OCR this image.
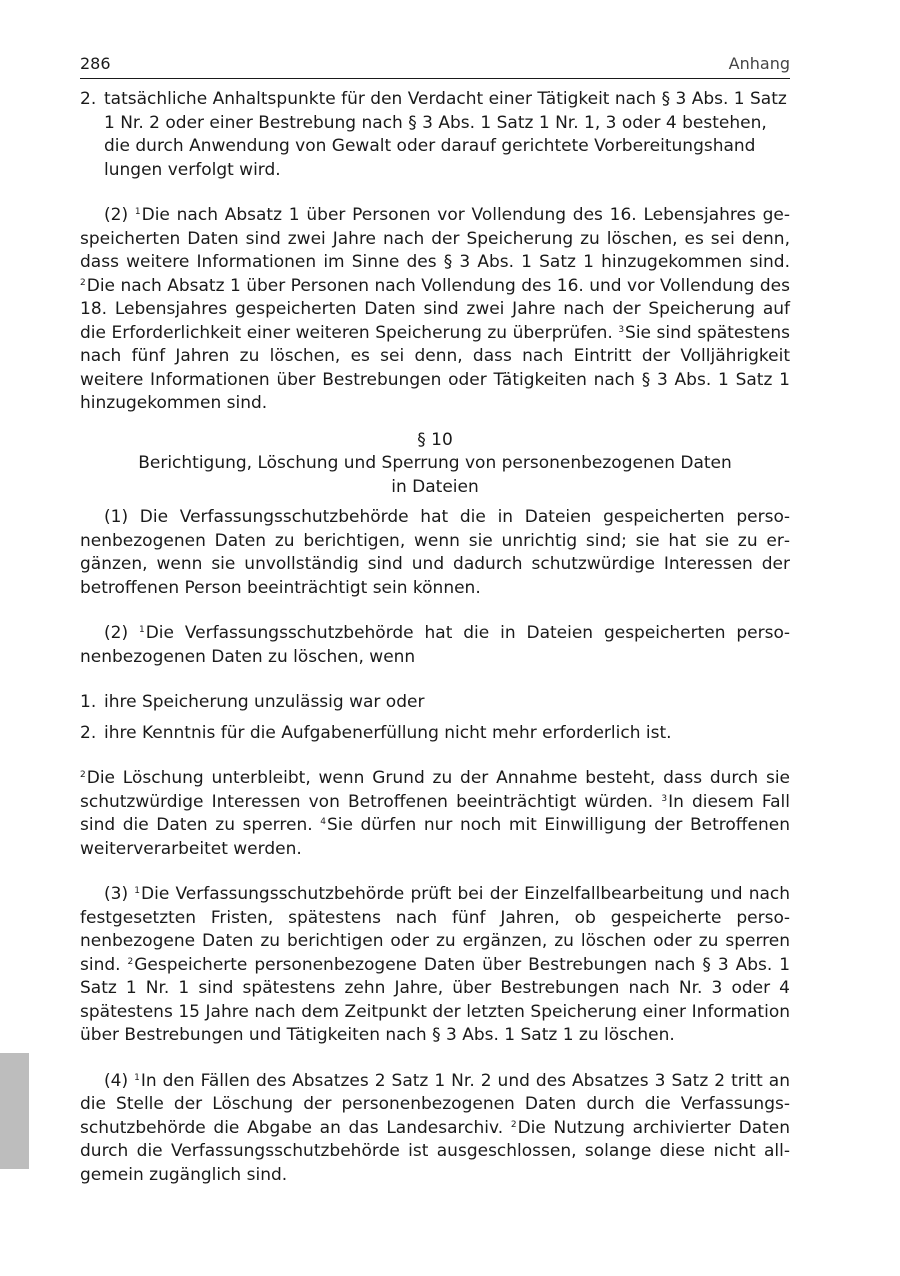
286	Anhang
2. tatsächliche Anhaltspunkte für den Verdacht einer Tätigkeit nach § 3 Abs. 1 Satz 1 Nr. 2 oder einer Bestrebung nach § 3 Abs. 1 Satz 1 Nr. 1, 3 oder 4 bestehen, die durch Anwendung von Gewalt oder darauf gerichtete Vorbereitungshand lungen verfolgt wird.

(2) $^1$Die nach Absatz 1 über Personen vor Vollendung des 16. Lebensjahres gespeicherten Daten sind zwei Jahre nach der Speicherung zu löschen, es sei denn, dass weitere Informationen im Sinne des § 3 Abs. 1 Satz 1 hinzugekommen sind. $^2$Die nach Absatz 1 über Personen nach Vollendung des 16. und vor Vollendung des 18. Lebensjahres gespeicherten Daten sind zwei Jahre nach der Speicherung auf die Erforderlichkeit einer weiteren Speicherung zu überprüfen. $^3$Sie sind spätestens nach fünf Jahren zu löschen, es sei denn, dass nach Eintritt der Volljährigkeit weitere Informationen über Bestrebungen oder Tätigkeiten nach § 3 Abs. 1 Satz 1 hinzugekommen sind.

§ 10
Berichtigung, Löschung und Sperrung von personenbezogenen Daten
in Dateien

(1) Die Verfassungsschutzbehörde hat die in Dateien gespeicherten personenbezogenen Daten zu berichtigen, wenn sie unrichtig sind; sie hat sie zu ergänzen, wenn sie unvollständig sind und dadurch schutzwürdige Interessen der betroffenen Person beeinträchtigt sein können.

(2) $^1$Die Verfassungsschutzbehörde hat die in Dateien gespeicherten personenbezogenen Daten zu löschen, wenn

1. ihre Speicherung unzulässig war oder
2. ihre Kenntnis für die Aufgabenerfüllung nicht mehr erforderlich ist.

$^2$Die Löschung unterbleibt, wenn Grund zu der Annahme besteht, dass durch sie schutzwürdige Interessen von Betroffenen beeinträchtigt würden. $^3$In diesem Fall sind die Daten zu sperren. $^4$Sie dürfen nur noch mit Einwilligung der Betroffenen weiterverarbeitet werden.

(3) $^1$Die Verfassungsschutzbehörde prüft bei der Einzelfallbearbeitung und nach festgesetzten Fristen, spätestens nach fünf Jahren, ob gespeicherte personenbezogene Daten zu berichtigen oder zu ergänzen, zu löschen oder zu sperren sind. $^2$Gespeicherte personenbezogene Daten über Bestrebungen nach § 3 Abs. 1 Satz 1 Nr. 1 sind spätestens zehn Jahre, über Bestrebungen nach Nr. 3 oder 4 spätestens 15 Jahre nach dem Zeitpunkt der letzten Speicherung einer Information über Bestrebungen und Tätigkeiten nach § 3 Abs. 1 Satz 1 zu löschen.

(4) $^1$In den Fällen des Absatzes 2 Satz 1 Nr. 2 und des Absatzes 3 Satz 2 tritt an die Stelle der Löschung der personenbezogenen Daten durch die Verfassungsschutzbehörde die Abgabe an das Landesarchiv. $^2$Die Nutzung archivierter Daten durch die Verfassungsschutzbehörde ist ausgeschlossen, solange diese nicht allgemein zugänglich sind.
